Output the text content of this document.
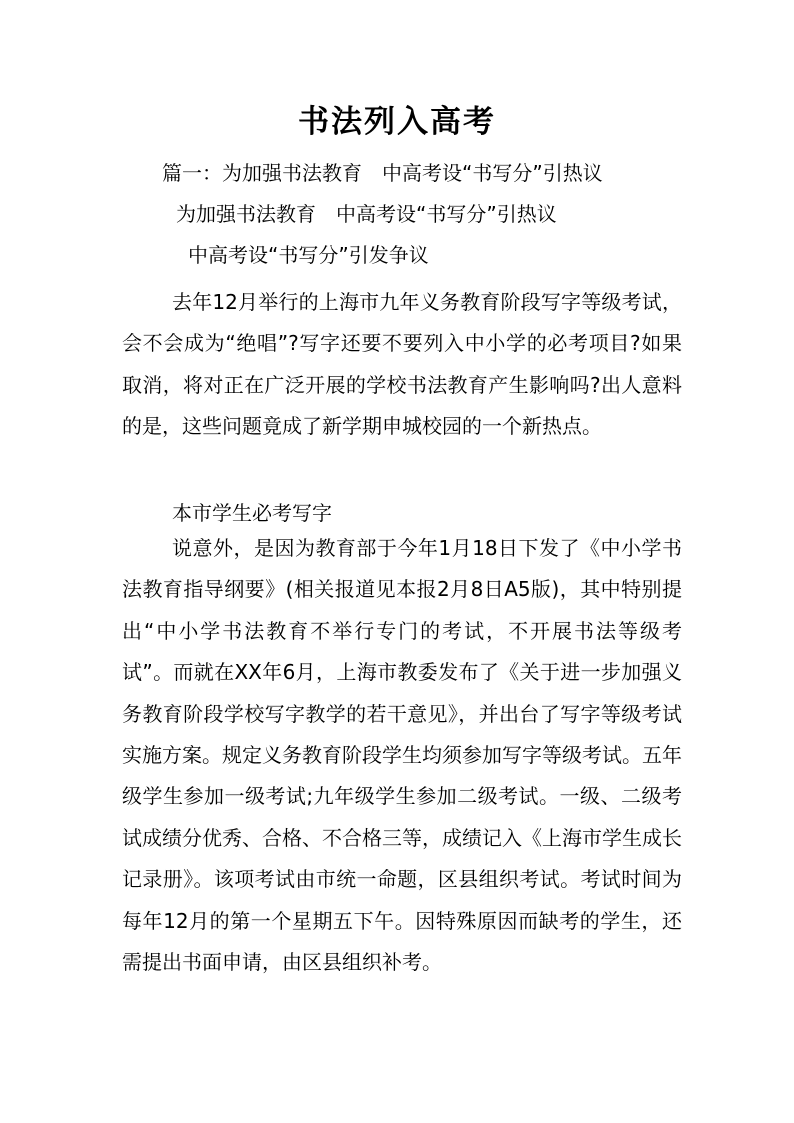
书法列入高考
篇一：为加强书法教育　中高考设“书写分”引热议
为加强书法教育　中高考设“书写分”引热议
中高考设“书写分”引发争议

去年12月举行的上海市九年义务教育阶段写字等级考试，会不会成为“绝唱”?写字还要不要列入中小学的必考项目?如果取消，将对正在广泛开展的学校书法教育产生影响吗?出人意料的是，这些问题竟成了新学期申城校园的一个新热点。

本市学生必考写字

说意外，是因为教育部于今年1月18日下发了《中小学书法教育指导纲要》(相关报道见本报2月8日A5版)，其中特别提出“中小学书法教育不举行专门的考试，不开展书法等级考试”。而就在XX年6月，上海市教委发布了《关于进一步加强义务教育阶段学校写字教学的若干意见》，并出台了写字等级考试实施方案。规定义务教育阶段学生均须参加写字等级考试。五年级学生参加一级考试;九年级学生参加二级考试。一级、二级考试成绩分优秀、合格、不合格三等，成绩记入《上海市学生成长记录册》。该项考试由市统一命题，区县组织考试。考试时间为每年12月的第一个星期五下午。因特殊原因而缺考的学生，还需提出书面申请，由区县组织补考。
